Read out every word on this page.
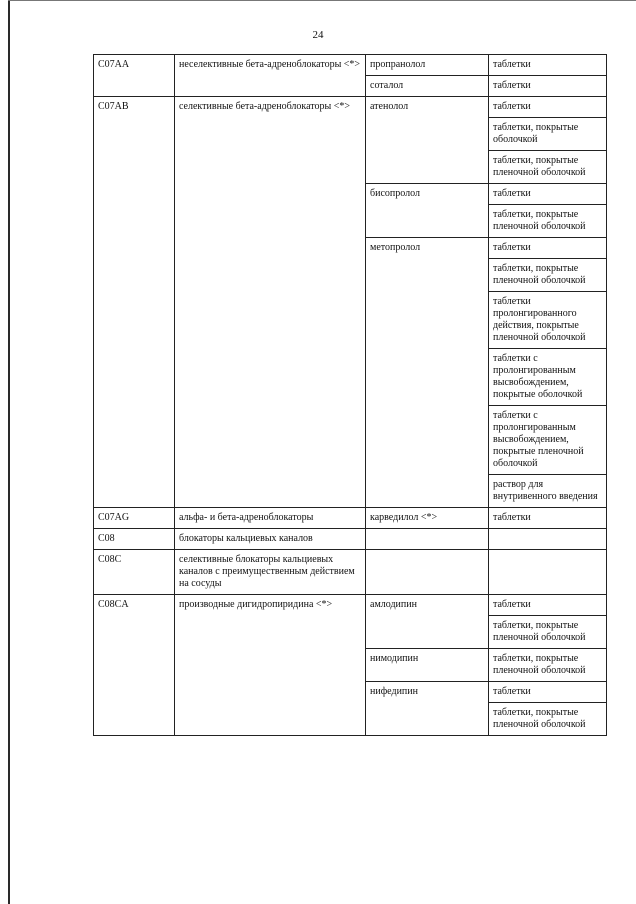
24
C07AA	неселективные бета-адреноблокаторы <*>	пропранолол	таблетки
		соталол	таблетки
C07AB	селективные бета-адреноблокаторы <*>	атенолол	таблетки
			таблетки, покрытые оболочкой
			таблетки, покрытые пленочной оболочкой
		бисопролол	таблетки
			таблетки, покрытые пленочной оболочкой
		метопролол	таблетки
			таблетки, покрытые пленочной оболочкой
			таблетки пролонгированного действия, покрытые пленочной оболочкой
			таблетки с пролонгированным высвобождением, покрытые оболочкой
			таблетки с пролонгированным высвобождением, покрытые пленочной оболочкой
			раствор для внутривенного введения
C07AG	альфа- и бета-адреноблокаторы	карведилол <*>	таблетки
C08	блокаторы кальциевых каналов		
C08C	селективные блокаторы кальциевых каналов с преимущественным действием на сосуды		
C08CA	производные дигидропиридина <*>	амлодипин	таблетки
			таблетки, покрытые пленочной оболочкой
		нимодипин	таблетки, покрытые пленочной оболочкой
		нифедипин	таблетки
			таблетки, покрытые пленочной оболочкой
